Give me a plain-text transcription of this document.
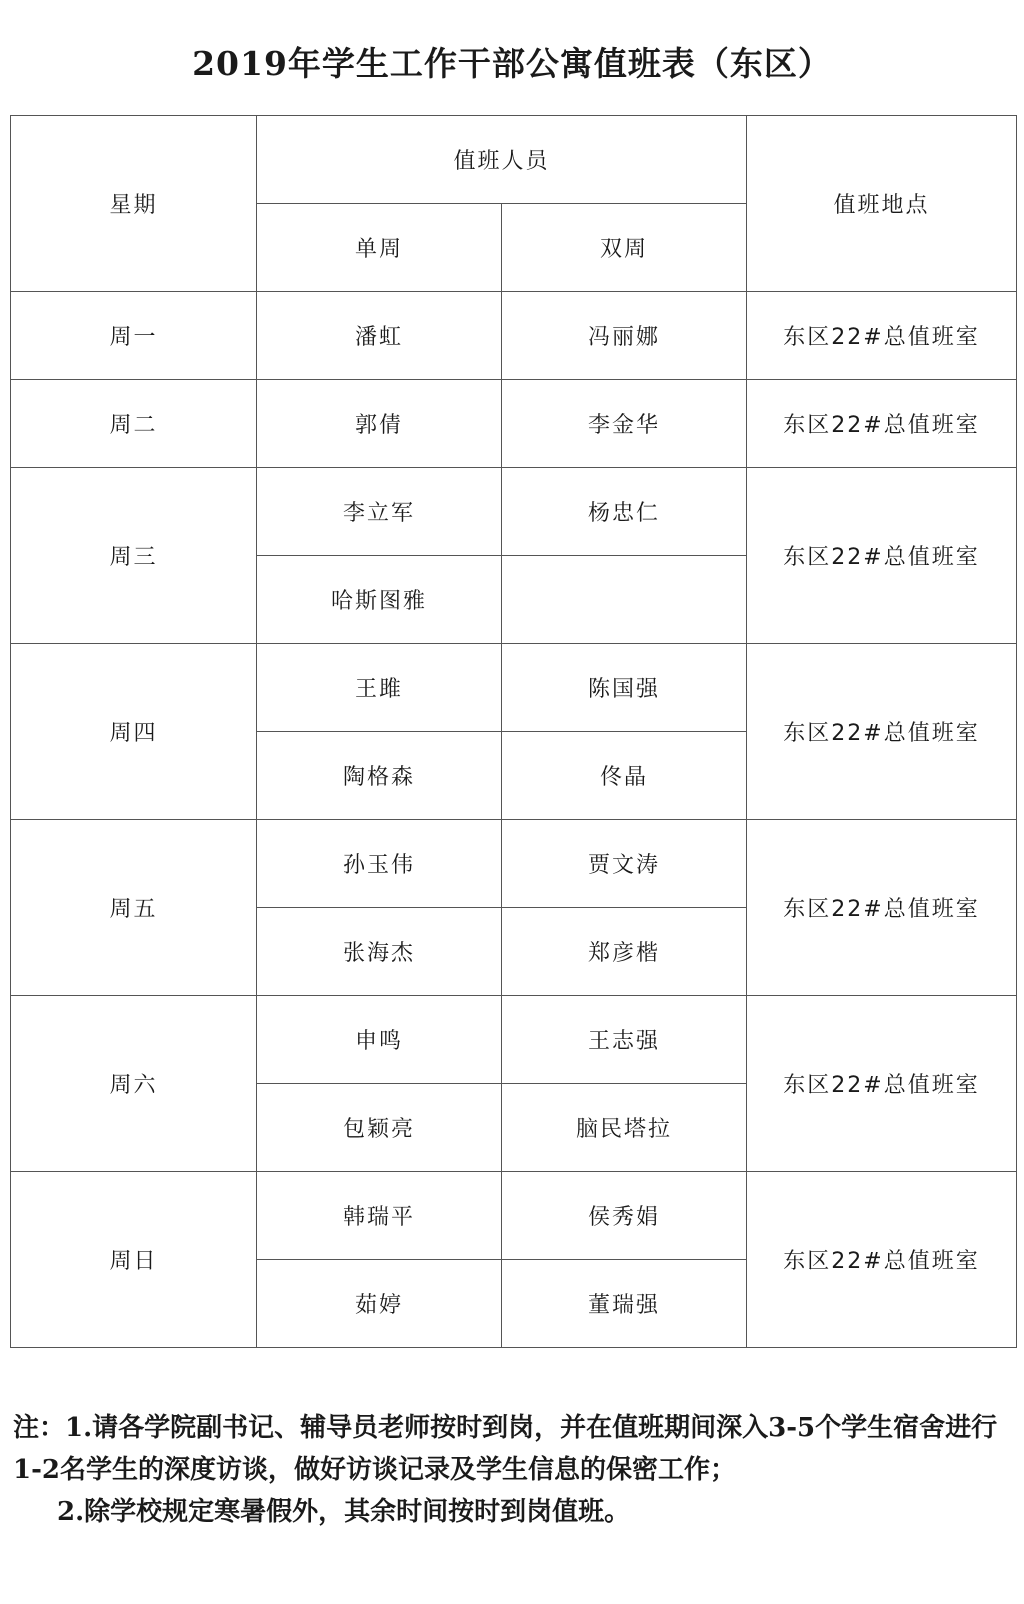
2019年学生工作干部公寓值班表（东区）
星期	值班人员		值班地点
	单周	双周	
周一	潘虹	冯丽娜	东区22#总值班室
周二	郭倩	李金华	东区22#总值班室
周三	李立军	杨忠仁	东区22#总值班室
	哈斯图雅		
周四	王雎	陈国强	东区22#总值班室
	陶格森	佟晶	
周五	孙玉伟	贾文涛	东区22#总值班室
	张海杰	郑彦楷	
周六	申鸣	王志强	东区22#总值班室
	包颖亮	脑民塔拉	
周日	韩瑞平	侯秀娟	东区22#总值班室
	茹婷	董瑞强	

注：1.请各学院副书记、辅导员老师按时到岗，并在值班期间深入3-5个学生宿舍进行1-2名学生的深度访谈，做好访谈记录及学生信息的保密工作；

2.除学校规定寒暑假外，其余时间按时到岗值班。
